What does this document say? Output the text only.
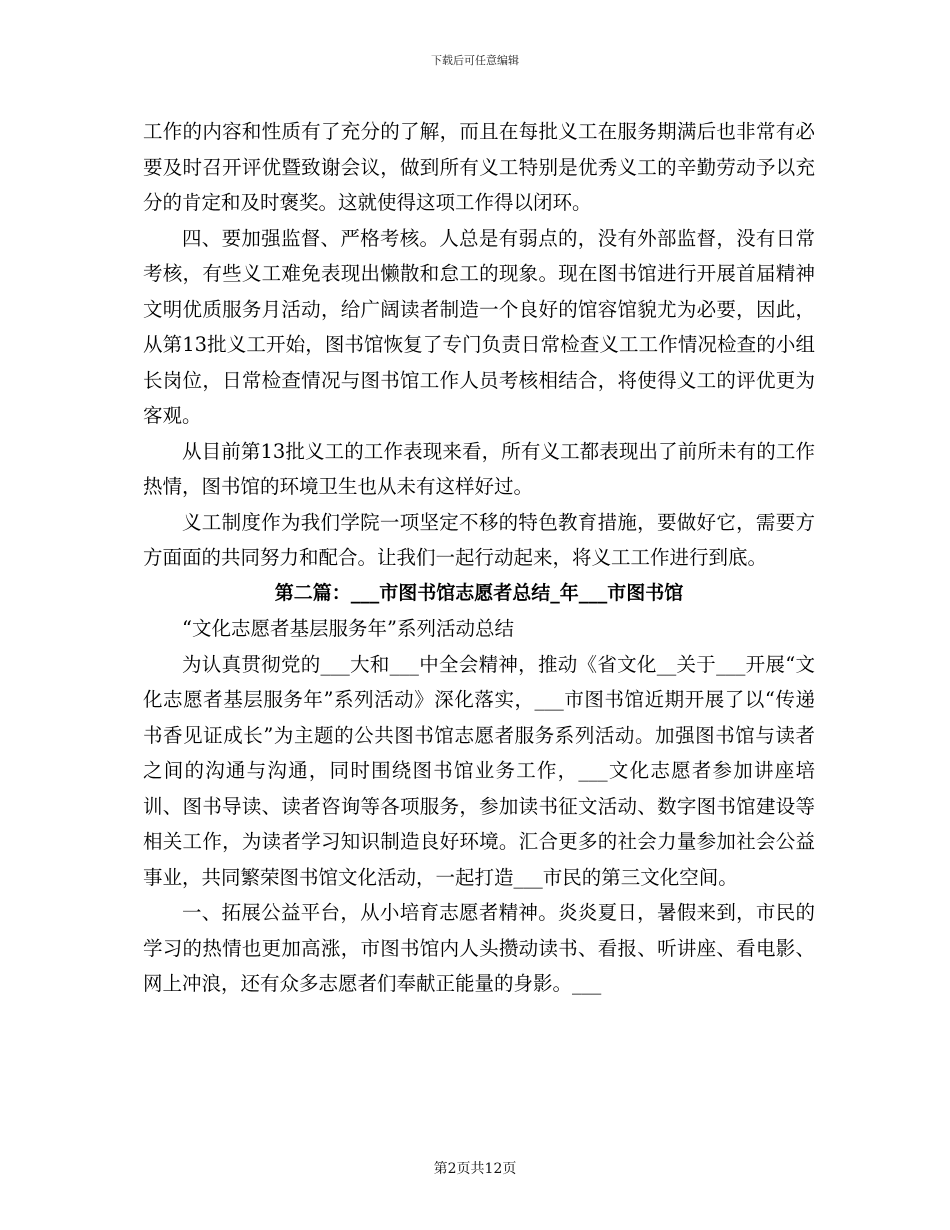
下载后可任意编辑

工作的内容和性质有了充分的了解，而且在每批义工在服务期满后也非常有必要及时召开评优暨致谢会议，做到所有义工特别是优秀义工的辛勤劳动予以充分的肯定和及时褒奖。这就使得这项工作得以闭环。

四、要加强监督、严格考核。人总是有弱点的，没有外部监督，没有日常考核，有些义工难免表现出懒散和怠工的现象。现在图书馆进行开展首届精神文明优质服务月活动，给广阔读者制造一个良好的馆容馆貌尤为必要，因此，从第13批义工开始，图书馆恢复了专门负责日常检查义工工作情况检查的小组长岗位，日常检查情况与图书馆工作人员考核相结合，将使得义工的评优更为客观。

从目前第13批义工的工作表现来看，所有义工都表现出了前所未有的工作热情，图书馆的环境卫生也从未有这样好过。

义工制度作为我们学院一项坚定不移的特色教育措施，要做好它，需要方方面面的共同努力和配合。让我们一起行动起来，将义工工作进行到底。

第二篇：___市图书馆志愿者总结_年___市图书馆

“文化志愿者基层服务年”系列活动总结

为认真贯彻党的___大和___中全会精神，推动《省文化__关于___开展“文化志愿者基层服务年”系列活动》深化落实，___市图书馆近期开展了以“传递书香见证成长”为主题的公共图书馆志愿者服务系列活动。加强图书馆与读者之间的沟通与沟通，同时围绕图书馆业务工作，___文化志愿者参加讲座培训、图书导读、读者咨询等各项服务，参加读书征文活动、数字图书馆建设等相关工作，为读者学习知识制造良好环境。汇合更多的社会力量参加社会公益事业，共同繁荣图书馆文化活动，一起打造___市民的第三文化空间。

一、拓展公益平台，从小培育志愿者精神。炎炎夏日，暑假来到，市民的学习的热情也更加高涨，市图书馆内人头攒动读书、看报、听讲座、看电影、网上冲浪，还有众多志愿者们奉献正能量的身影。___

第2页共12页
